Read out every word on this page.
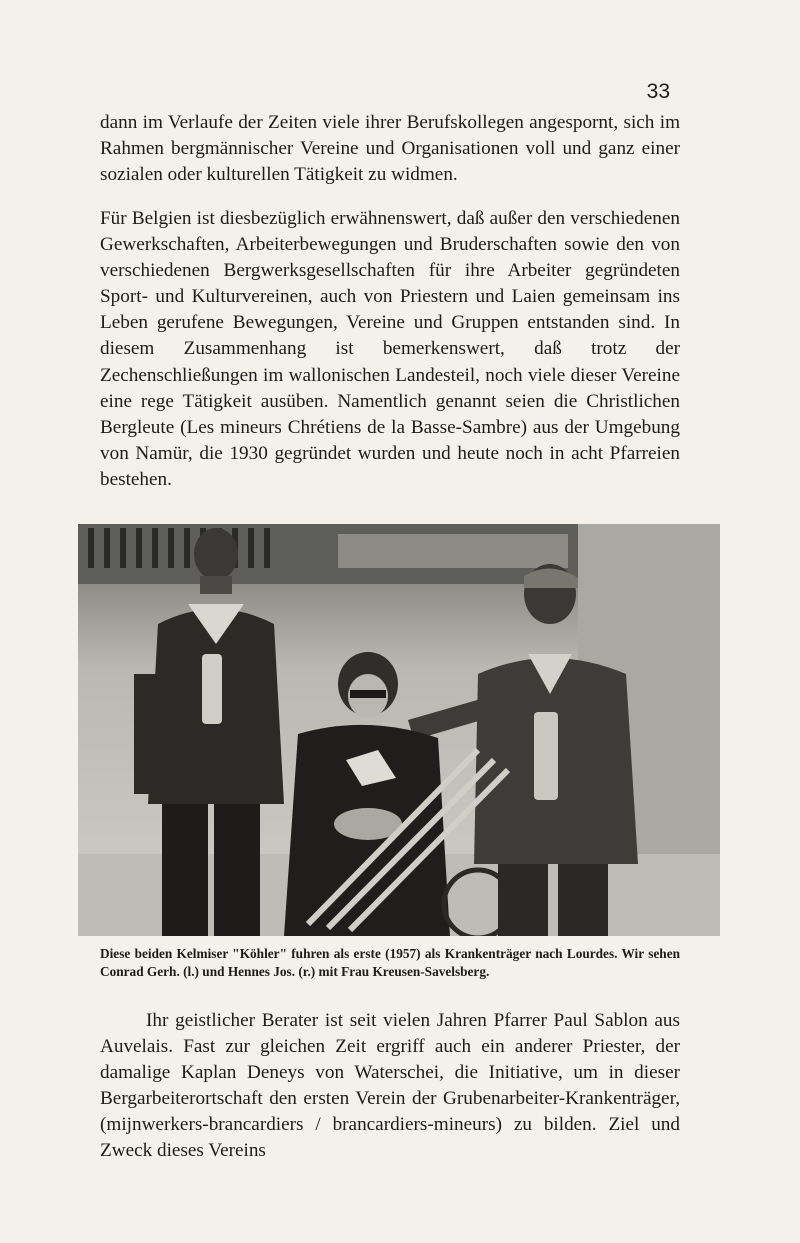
33

dann im Verlaufe der Zeiten viele ihrer Berufskollegen angespornt, sich im Rahmen bergmännischer Vereine und Organisationen voll und ganz einer sozialen oder kulturellen Tätigkeit zu widmen.

Für Belgien ist diesbezüglich erwähnenswert, daß außer den verschiedenen Gewerkschaften, Arbeiterbewegungen und Bruderschaften sowie den von verschiedenen Bergwerksgesellschaften für ihre Arbeiter gegründeten Sport- und Kulturvereinen, auch von Priestern und Laien gemeinsam ins Leben gerufene Bewegungen, Vereine und Gruppen entstanden sind. In diesem Zusammenhang ist bemerkenswert, daß trotz der Zechenschließungen im wallonischen Landesteil, noch viele dieser Vereine eine rege Tätigkeit ausüben. Namentlich genannt seien die Christlichen Bergleute (Les mineurs Chrétiens de la Basse-Sambre) aus der Umgebung von Namür, die 1930 gegründet wurden und heute noch in acht Pfarreien bestehen.

Diese beiden Kelmiser "Köhler" fuhren als erste (1957) als Krankenträger nach Lourdes. Wir sehen Conrad Gerh. (l.) und Hennes Jos. (r.) mit Frau Kreusen-Savelsberg.

Ihr geistlicher Berater ist seit vielen Jahren Pfarrer Paul Sablon aus Auvelais. Fast zur gleichen Zeit ergriff auch ein anderer Priester, der damalige Kaplan Deneys von Waterschei, die Initiative, um in dieser Bergarbeiterortschaft den ersten Verein der Grubenarbeiter-Krankenträger, (mijnwerkers-brancardiers / brancardiers-mineurs) zu bilden. Ziel und Zweck dieses Vereins
